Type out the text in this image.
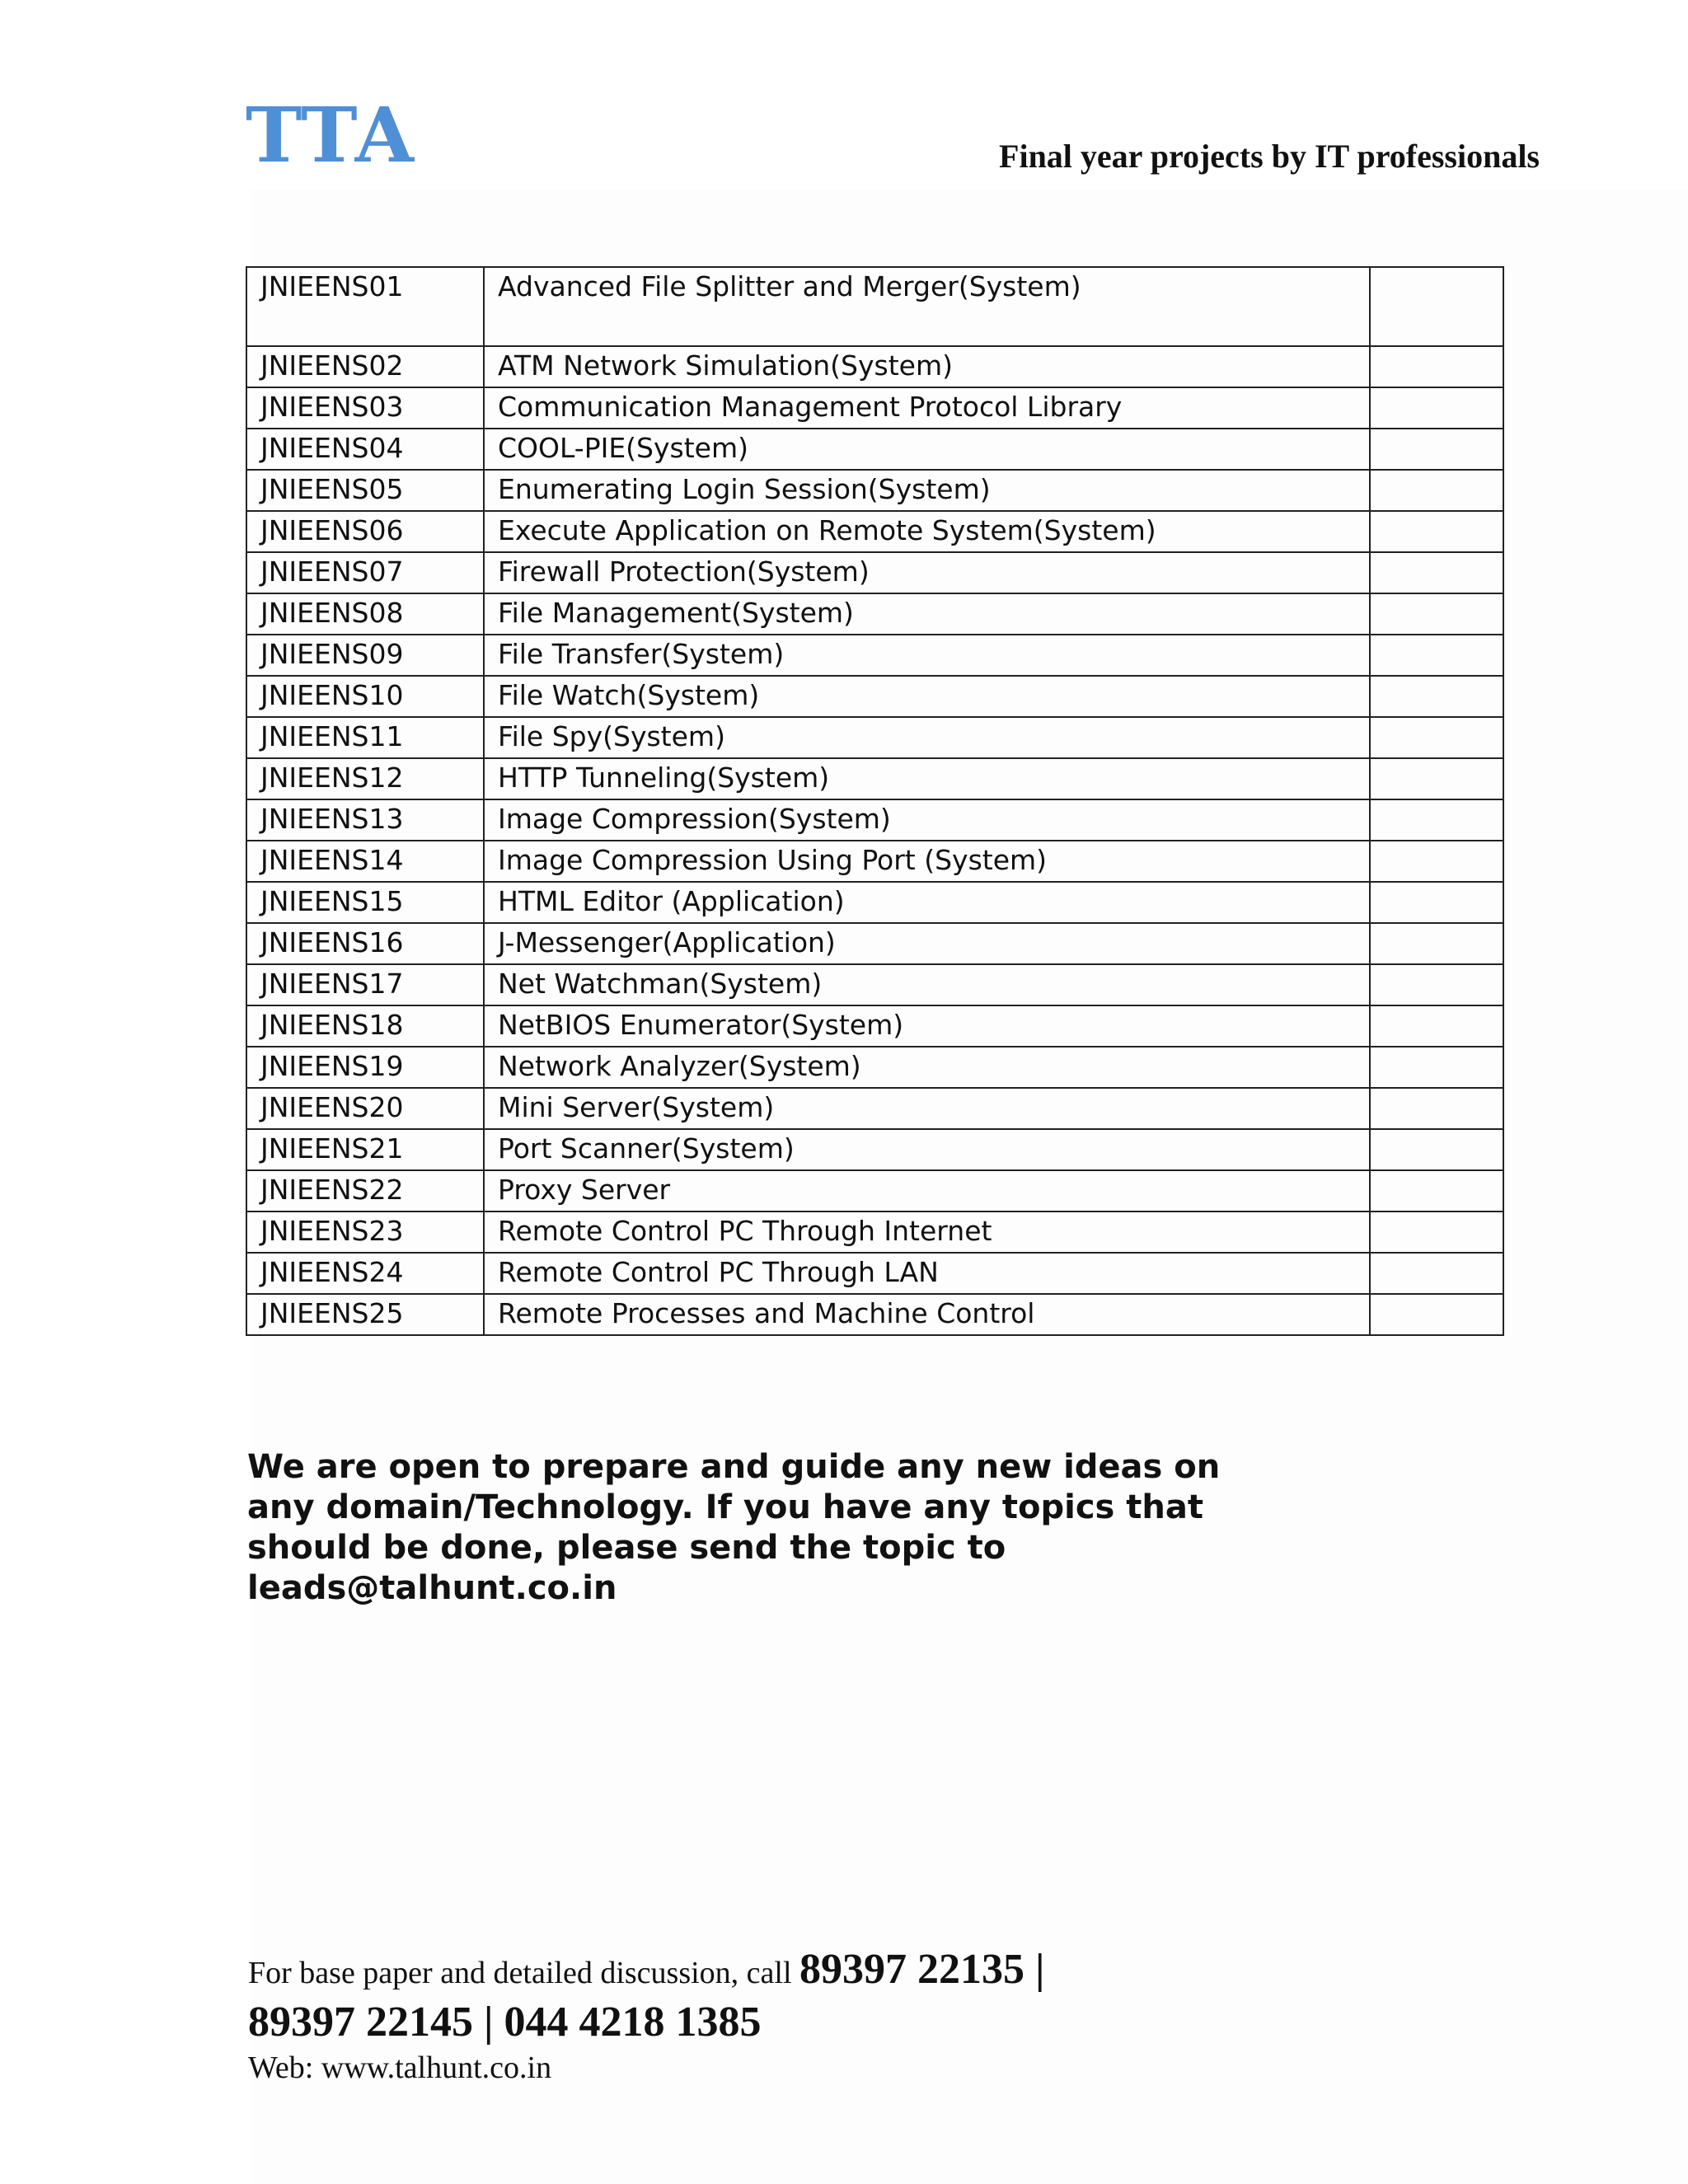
TTA	Final year projects by IT professionals
JNIEENS01	Advanced File Splitter and Merger(System)	
JNIEENS02	ATM Network Simulation(System)	
JNIEENS03	Communication Management Protocol Library	
JNIEENS04	COOL-PIE(System)	
JNIEENS05	Enumerating Login Session(System)	
JNIEENS06	Execute Application on Remote System(System)	
JNIEENS07	Firewall Protection(System)	
JNIEENS08	File Management(System)	
JNIEENS09	File Transfer(System)	
JNIEENS10	File Watch(System)	
JNIEENS11	File Spy(System)	
JNIEENS12	HTTP Tunneling(System)	
JNIEENS13	Image Compression(System)	
JNIEENS14	Image Compression Using Port (System)	
JNIEENS15	HTML Editor (Application)	
JNIEENS16	J-Messenger(Application)	
JNIEENS17	Net Watchman(System)	
JNIEENS18	NetBIOS Enumerator(System)	
JNIEENS19	Network Analyzer(System)	
JNIEENS20	Mini Server(System)	
JNIEENS21	Port Scanner(System)	
JNIEENS22	Proxy Server	
JNIEENS23	Remote Control PC Through Internet	
JNIEENS24	Remote Control PC Through LAN	
JNIEENS25	Remote Processes and Machine Control	

We are open to prepare and guide any new ideas on any domain/Technology. If you have any topics that should be done, please send the topic to leads@talhunt.co.in

For base paper and detailed discussion, call 89397 22135 |
89397 22145 | 044 4218 1385
Web: www.talhunt.co.in
